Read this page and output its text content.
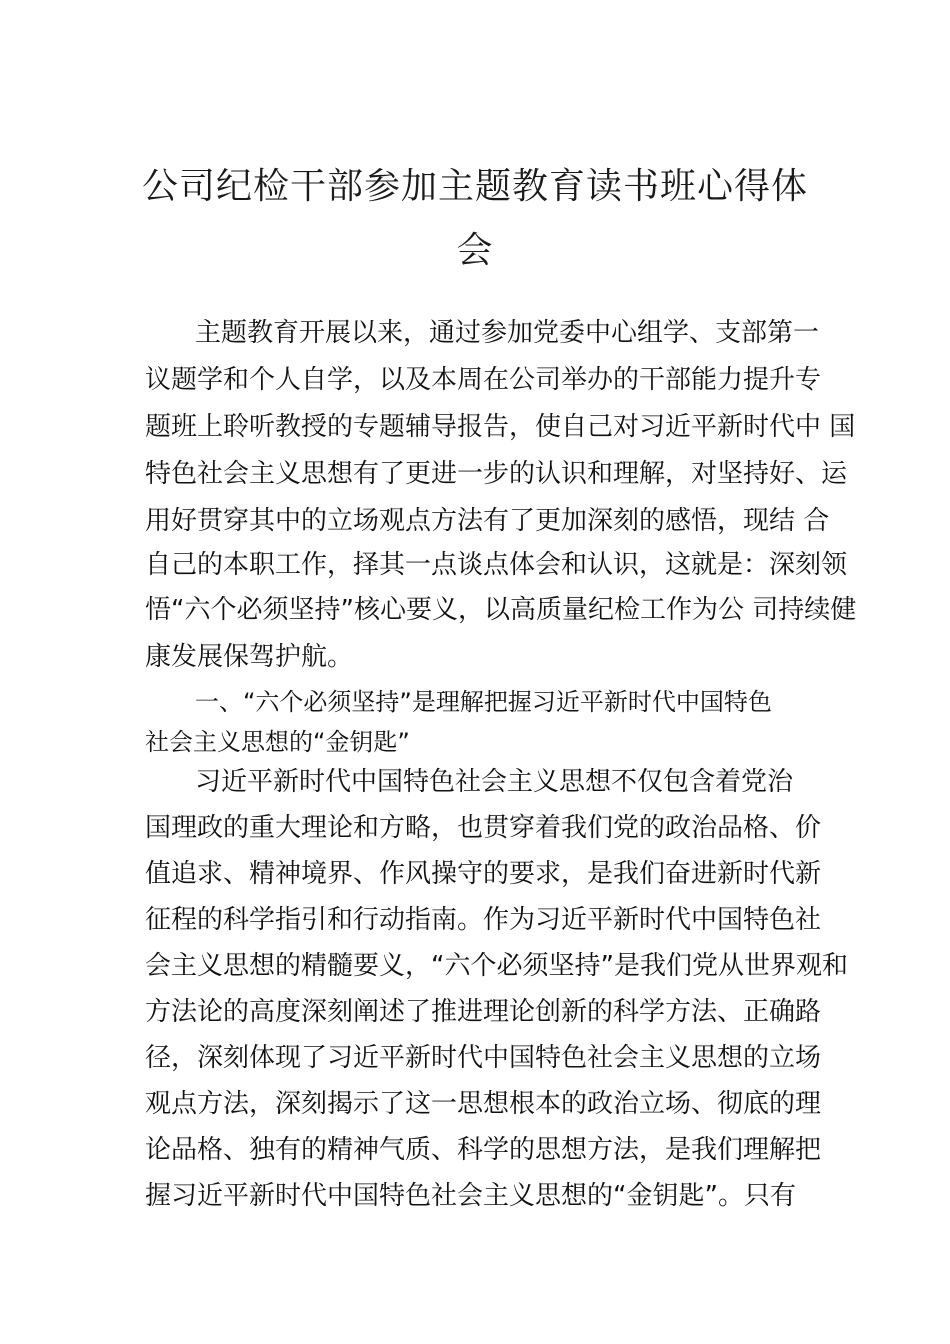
公司纪检干部参加主题教育读书班心得体
会
主题教育开展以来，通过参加党委中心组学、支部第一
议题学和个人自学，以及本周在公司举办的干部能力提升专
题班上聆听教授的专题辅导报告，使自己对习近平新时代中 国
特色社会主义思想有了更进一步的认识和理解，对坚持好、运
用好贯穿其中的立场观点方法有了更加深刻的感悟，现结 合
自己的本职工作，择其一点谈点体会和认识，这就是：深刻领
悟“六个必须坚持”核心要义，以高质量纪检工作为公 司持续健
康发展保驾护航。
一、“六个必须坚持”是理解把握习近平新时代中国特色
社会主义思想的“金钥匙”
习近平新时代中国特色社会主义思想不仅包含着党治
国理政的重大理论和方略，也贯穿着我们党的政治品格、价
值追求、精神境界、作风操守的要求，是我们奋进新时代新
征程的科学指引和行动指南。作为习近平新时代中国特色社
会主义思想的精髓要义，“六个必须坚持”是我们党从世界观和
方法论的高度深刻阐述了推进理论创新的科学方法、正确路
径，深刻体现了习近平新时代中国特色社会主义思想的立场
观点方法，深刻揭示了这一思想根本的政治立场、彻底的理
论品格、独有的精神气质、科学的思想方法，是我们理解把
握习近平新时代中国特色社会主义思想的“金钥匙”。只有
